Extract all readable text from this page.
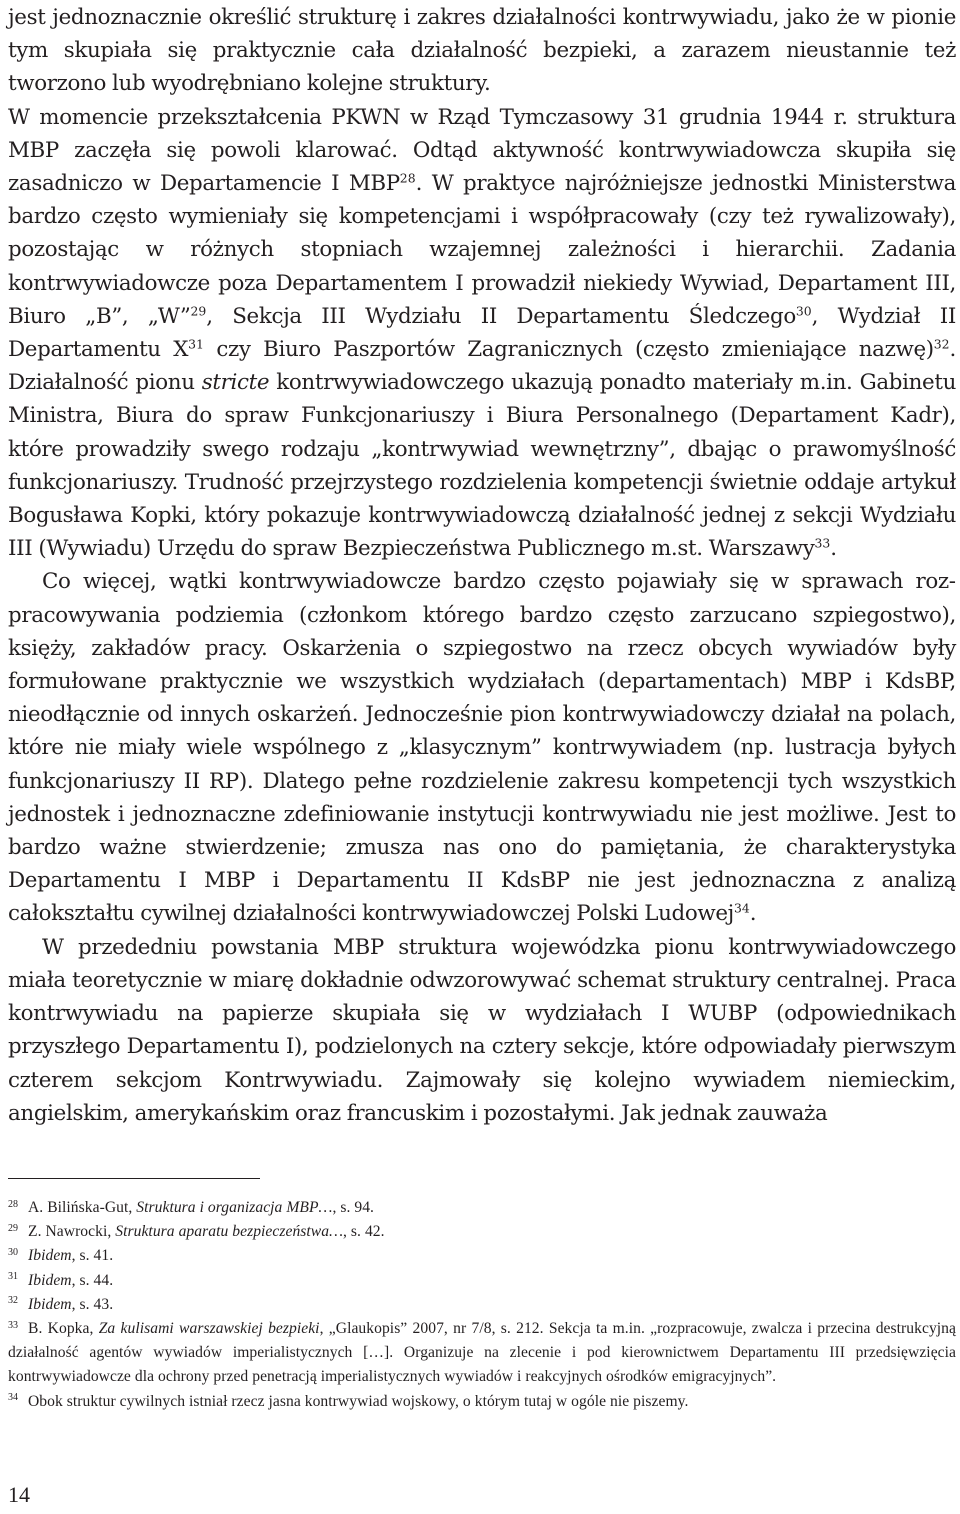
jest jednoznacznie określić strukturę i zakres działalności kontrwywiadu, jako że w pionie tym skupiała się praktycznie cała działalność bezpieki, a zarazem nieustannie też tworzono lub wyodrębniano kolejne struktury.

W momencie przekształcenia PKWN w Rząd Tymczasowy 31 grudnia 1944 r. struktura MBP zaczęła się powoli klarować. Odtąd aktywność kontrwywiadowcza skupiła się zasadniczo w Departamencie I MBP$^{28}$. W praktyce najróżniejsze jednostki Ministerstwa bardzo często wymieniały się kompetencjami i współpracowały (czy też rywalizowały), pozostając w różnych stopniach wzajemnej zależności i hierarchii. Zadania kontrwywiadowcze poza Departamentem I prowadził niekiedy Wywiad, Departament III, Biuro „B”, „W”$^{29}$, Sekcja III Wydziału II Departamentu Śledczego$^{30}$, Wydział II Departamentu $X^{31}$ czy Biuro Paszportów Zagranicznych (często zmieniające nazwę)$^{32}$. Działalność pionu stricte kontrwywiadowczego ukazują ponadto materiały m.in. Gabinetu Ministra, Biura do spraw Funkcjonariuszy i Biura Personalnego (Departament Kadr), które prowadziły swego rodzaju „kontrwywiad wewnętrzny”, dbając o prawomyślność funkcjonariuszy. Trudność przejrzystego rozdzielenia kompetencji świetnie oddaje artykuł Bogusława Kopki, który pokazuje kontrwywiadowczą działalność jednej z sekcji Wydziału III (Wywiadu) Urzędu do spraw Bezpieczeństwa Publicznego m.st. Warszawy$^{33}$.

Co więcej, wątki kontrwywiadowcze bardzo często pojawiały się w sprawach rozpracowywania podziemia (członkom którego bardzo często zarzucano szpiegostwo), księży, zakładów pracy. Oskarżenia o szpiegostwo na rzecz obcych wywiadów były formułowane praktycznie we wszystkich wydziałach (departamentach) MBP i KdsBP, nieodłącznie od innych oskarżeń. Jednocześnie pion kontrwywiadowczy działał na polach, które nie miały wiele wspólnego z „klasycznym” kontrwywiadem (np. lustracja byłych funkcjonariuszy II RP). Dlatego pełne rozdzielenie zakresu kompetencji tych wszystkich jednostek i jednoznaczne zdefiniowanie instytucji kontrwywiadu nie jest możliwe. Jest to bardzo ważne stwierdzenie; zmusza nas ono do pamiętania, że charakterystyka Departamentu I MBP i Departamentu II KdsBP nie jest jednoznaczna z analizą całokształtu cywilnej działalności kontrwywiadowczej Polski Ludowej$^{34}$.

W przededniu powstania MBP struktura wojewódzka pionu kontrwywiadowczego miała teoretycznie w miarę dokładnie odwzorowywać schemat struktury centralnej. Praca kontrwywiadu na papierze skupiała się w wydziałach I WUBP (odpowiednikach przyszłego Departamentu I), podzielonych na cztery sekcje, które odpowiadały pierwszym czterem sekcjom Kontrwywiadu. Zajmowały się kolejno wywiadem niemieckim, angielskim, amerykańskim oraz francuskim i pozostałymi. Jak jednak zauważa

28 A. Bilińska-Gut, Struktura i organizacja MBP…, s. 94.

29 Z. Nawrocki, Struktura aparatu bezpieczeństwa…, s. 42.

30 Ibidem, s. 41.

31 Ibidem, s. 44.

32 Ibidem, s. 43.

33 B. Kopka, Za kulisami warszawskiej bezpieki, „Glaukopis” 2007, nr 7/8, s. 212. Sekcja ta m.in. „rozpracowuje, zwalcza i przecina destrukcyjną działalność agentów wywiadów imperialistycznych […]. Organizuje na zlecenie i pod kierownictwem Departamentu III przedsięwzięcia kontrwywiadowcze dla ochrony przed penetracją imperialistycznych wywiadów i reakcyjnych ośrodków emigracyjnych”.

34 Obok struktur cywilnych istniał rzecz jasna kontrwywiad wojskowy, o którym tutaj w ogóle nie piszemy.

14
